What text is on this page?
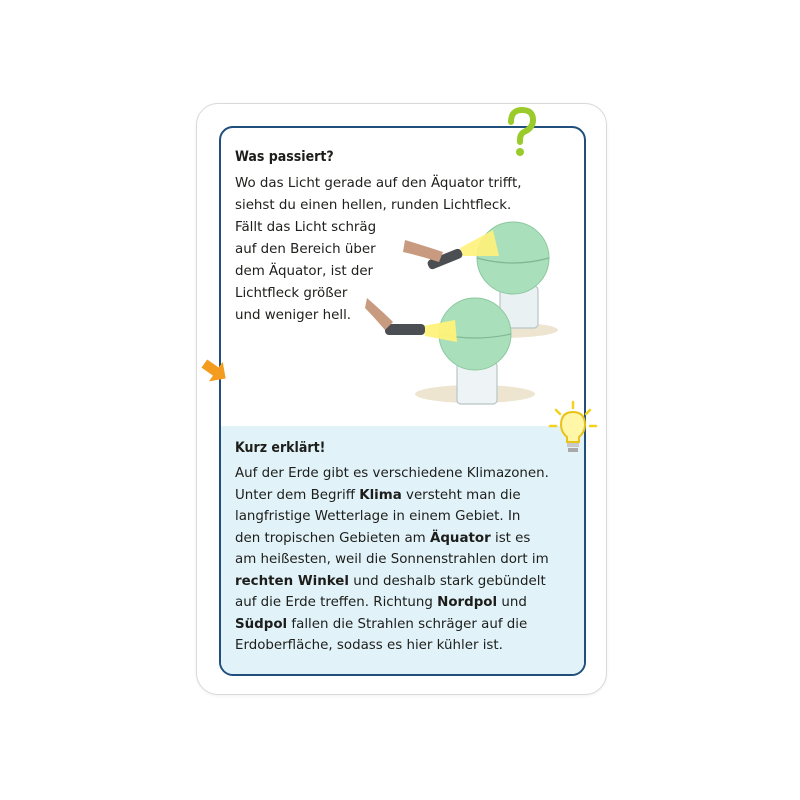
Was passiert?
Wo das Licht gerade auf den Äquator trifft,
siehst du einen hellen, runden Lichtfleck.
Fällt das Licht schräg
auf den Bereich über
dem Äquator, ist der
Lichtfleck größer
und weniger hell.
Kurz erklärt!
Auf der Erde gibt es verschiedene Klimazonen.
Unter dem Begriff Klima versteht man die
langfristige Wetterlage in einem Gebiet. In
den tropischen Gebieten am Äquator ist es
am heißesten, weil die Sonnenstrahlen dort im
rechten Winkel und deshalb stark gebündelt
auf die Erde treffen. Richtung Nordpol und
Südpol fallen die Strahlen schräger auf die
Erdoberfläche, sodass es hier kühler ist.
